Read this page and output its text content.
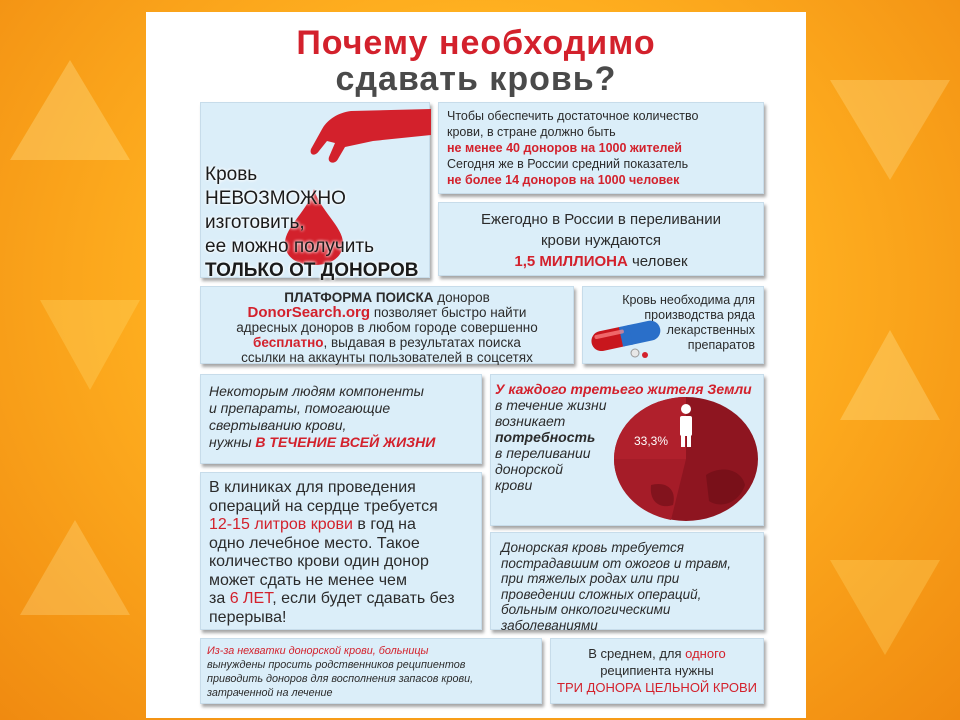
Почему необходимо
сдавать кровь?

Кровь

НЕВОЗМОЖНО

изготовить,

ее можно получить

ТОЛЬКО ОТ ДОНОРОВ

Чтобы обеспечить достаточное количество

крови, в стране должно быть

не менее 40 доноров на 1000 жителей

Сегодня же в России средний показатель

не более 14 доноров на 1000 человек

Ежегодно в России в переливании

крови нуждаются

1,5 МИЛЛИОНА человек

ПЛАТФОРМА ПОИСКА доноров

DonorSearch.org позволяет быстро найти

адресных доноров в любом городе совершенно

бесплатно, выдавая в результатах поиска

ссылки на аккаунты пользователей в соцсетях

Кровь необходима для

производства ряда

лекарственных

препаратов

Некоторым людям компоненты

и препараты, помогающие

свертыванию крови,

нужны В ТЕЧЕНИЕ ВСЕЙ ЖИЗНИ	33,3%

У каждого третьего жителя Земли

в течение жизни

возникает

потребность

в переливании

донорской

крови

В клиниках для проведения

операций на сердце требуется

12-15 литров крови в год на

одно лечебное место. Такое

количество крови один донор

может сдать не менее чем

за 6 ЛЕТ, если будет сдавать без

перерыва!

Донорская кровь требуется

пострадавшим от ожогов и травм,

при тяжелых родах или при

проведении сложных операций,

больным онкологическими

заболеваниями

Из-за нехватки донорской крови, больницы

вынуждены просить родственников реципиентов

приводить доноров для восполнения запасов крови,

затраченной на лечение

В среднем, для одного

реципиента нужны

ТРИ ДОНОРА ЦЕЛЬНОЙ КРОВИ
